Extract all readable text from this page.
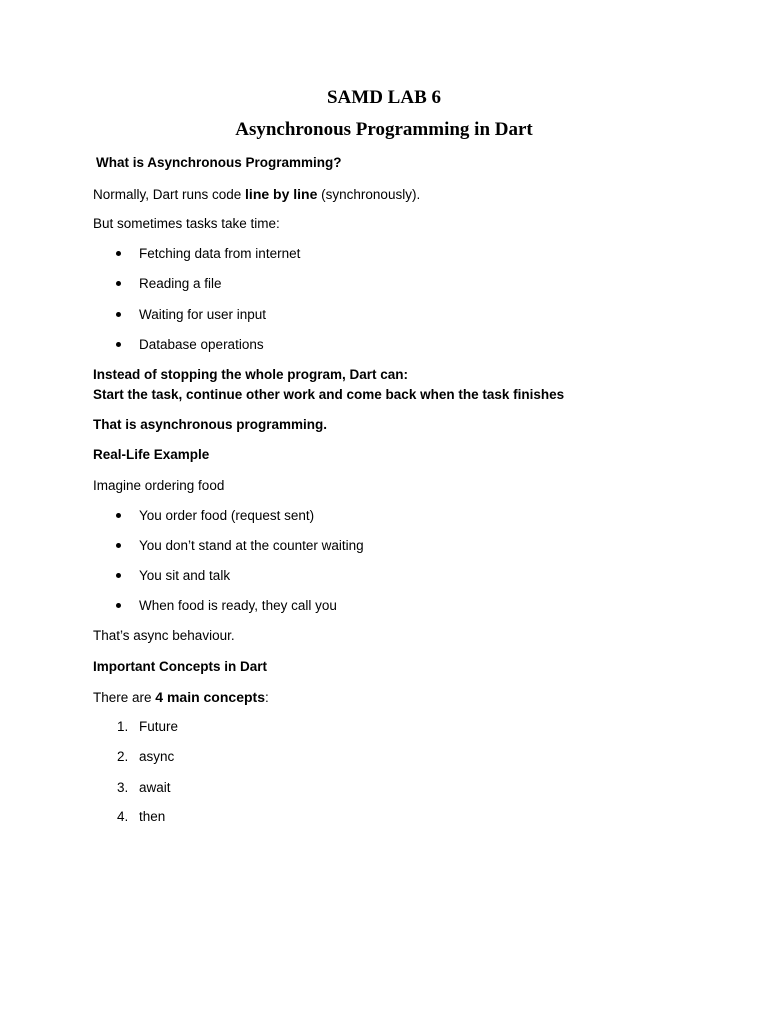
SAMD LAB 6
Asynchronous Programming in Dart

What is Asynchronous Programming?

Normally, Dart runs code line by line (synchronously).

But sometimes tasks take time:

Fetching data from internet
Reading a file
Waiting for user input
Database operations

Instead of stopping the whole program, Dart can:

Start the task, continue other work and come back when the task finishes

That is asynchronous programming.

Real-Life Example

Imagine ordering food

You order food (request sent)
You don’t stand at the counter waiting
You sit and talk
When food is ready, they call you

That’s async behaviour.

Important Concepts in Dart

There are 4 main concepts:

1. Future
2. async
3. await
4. then
